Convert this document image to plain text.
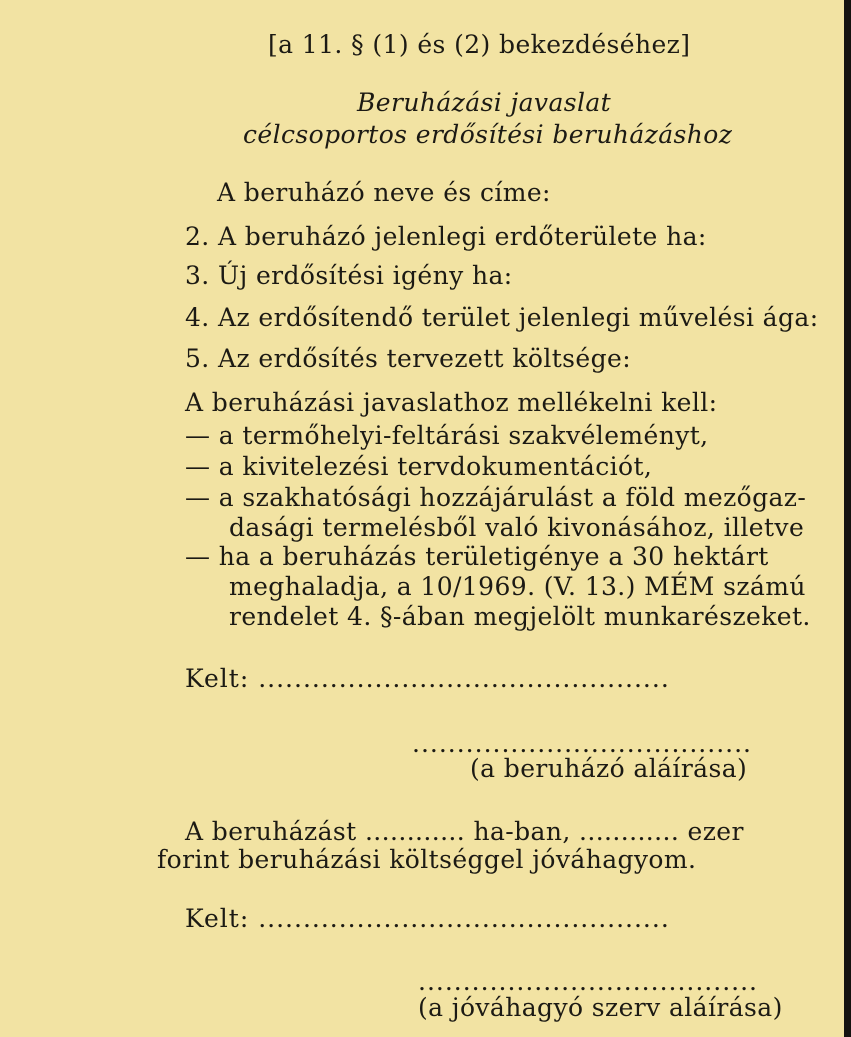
[a 11. § (1) és (2) bekezdéséhez]
Beruházási javaslat
célcsoportos erdősítési beruházáshoz
A beruházó neve és címe:
2. A beruházó jelenlegi erdőterülete ha:
3. Új erdősítési igény ha:
4. Az erdősítendő terület jelenlegi művelési ága:
5. Az erdősítés tervezett költsége:
A beruházási javaslathoz mellékelni kell:
— a termőhelyi-feltárási szakvéleményt,
— a kivitelezési tervdokumentációt,
— a szakhatósági hozzájárulást a föld mezőgaz-
dasági termelésből való kivonásához, illetve
— ha a beruházás területigénye a 30 hektárt
meghaladja, a 10/1969. (V. 13.) MÉM számú
rendelet 4. §-ában megjelölt munkarészeket.
Kelt: ..............................................
......................................
(a beruházó aláírása)
A beruházást ............ ha-ban, ............ ezer
forint beruházási költséggel jóváhagyom.
Kelt: ..............................................
......................................
(a jóváhagyó szerv aláírása)
